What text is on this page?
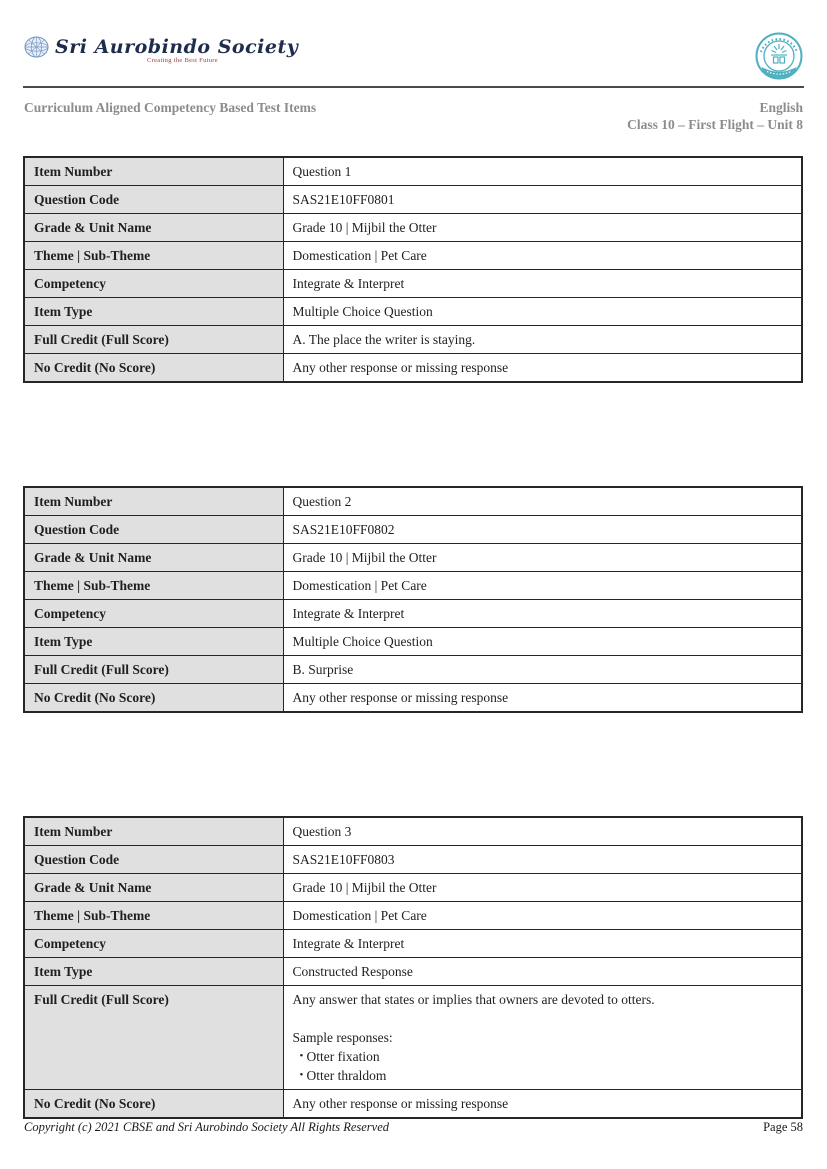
Sri Aurobindo Society
Creating the Best Future
Curriculum Aligned Competency Based Test Items	English
Class 10 – First Flight – Unit 8
Item Number	Question 1
Question Code	SAS21E10FF0801
Grade & Unit Name	Grade 10 | Mijbil the Otter
Theme | Sub-Theme	Domestication | Pet Care
Competency	Integrate & Interpret
Item Type	Multiple Choice Question
Full Credit (Full Score)	A. The place the writer is staying.
No Credit (No Score)	Any other response or missing response
Item Number	Question 2
Question Code	SAS21E10FF0802
Grade & Unit Name	Grade 10 | Mijbil the Otter
Theme | Sub-Theme	Domestication | Pet Care
Competency	Integrate & Interpret
Item Type	Multiple Choice Question
Full Credit (Full Score)	B. Surprise
No Credit (No Score)	Any other response or missing response
Item Number	Question 3
Question Code	SAS21E10FF0803
Grade & Unit Name	Grade 10 | Mijbil the Otter
Theme | Sub-Theme	Domestication | Pet Care
Competency	Integrate & Interpret
Item Type	Constructed Response
Full Credit (Full Score)	Any answer that states or implies that owners are devoted to otters.
Sample responses:
• Otter fixation
• Otter thraldom

No Credit (No Score)	Any other response or missing response
Copyright (c) 2021 CBSE and Sri Aurobindo Society All Rights Reserved	Page 58
